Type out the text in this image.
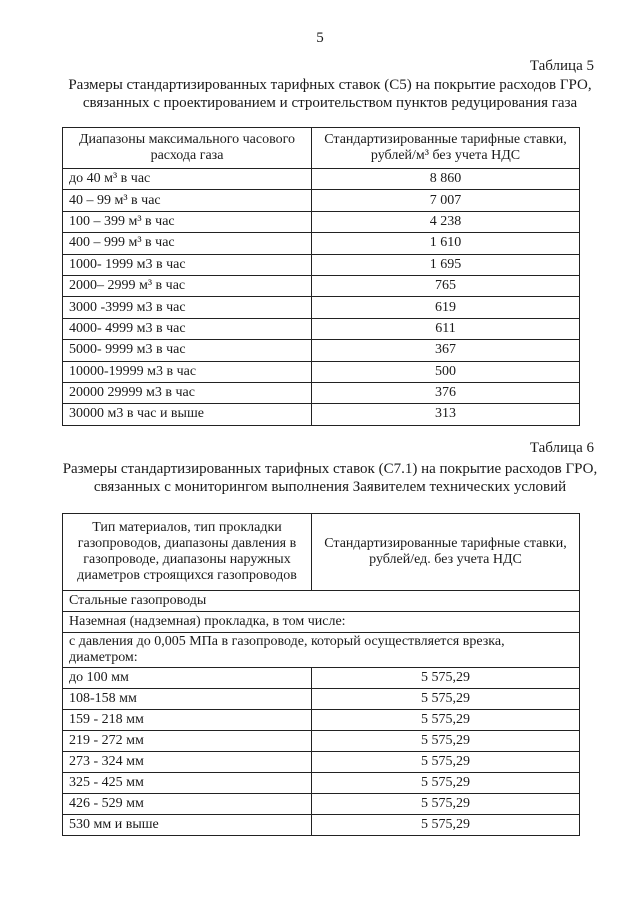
5
Таблица 5
Размеры стандартизированных тарифных ставок (C5) на покрытие расходов ГРО,
связанных с проектированием и строительством пунктов редуцирования газа
Диапазоны максимального часового расхода газа	Стандартизированные тарифные ставки, рублей/м³ без учета НДС
до 40 м³ в час	8 860
40 – 99 м³ в час	7 007
100 – 399 м³ в час	4 238
400 – 999 м³ в час	1 610
1000- 1999 м3 в час	1 695
2000– 2999 м³ в час	765
3000 -3999 м3 в час	619
4000- 4999 м3 в час	611
5000- 9999 м3 в час	367
10000-19999 м3 в час	500
20000 29999 м3 в час	376
30000 м3 в час и выше	313
Таблица 6
Размеры стандартизированных тарифных ставок (C7.1) на покрытие расходов ГРО,
связанных с мониторингом выполнения Заявителем технических условий
Тип материалов, тип прокладки газопроводов, диапазоны давления в газопроводе, диапазоны наружных диаметров строящихся газопроводов	Стандартизированные тарифные ставки, рублей/ед. без учета НДС
Стальные газопроводы	
Наземная (надземная) прокладка, в том числе:	
с давления до 0,005 МПа в газопроводе, который осуществляется врезка, диаметром:	
до 100 мм	5 575,29
108-158 мм	5 575,29
159 - 218 мм	5 575,29
219 - 272 мм	5 575,29
273 - 324 мм	5 575,29
325 - 425 мм	5 575,29
426 - 529 мм	5 575,29
530 мм и выше	5 575,29
